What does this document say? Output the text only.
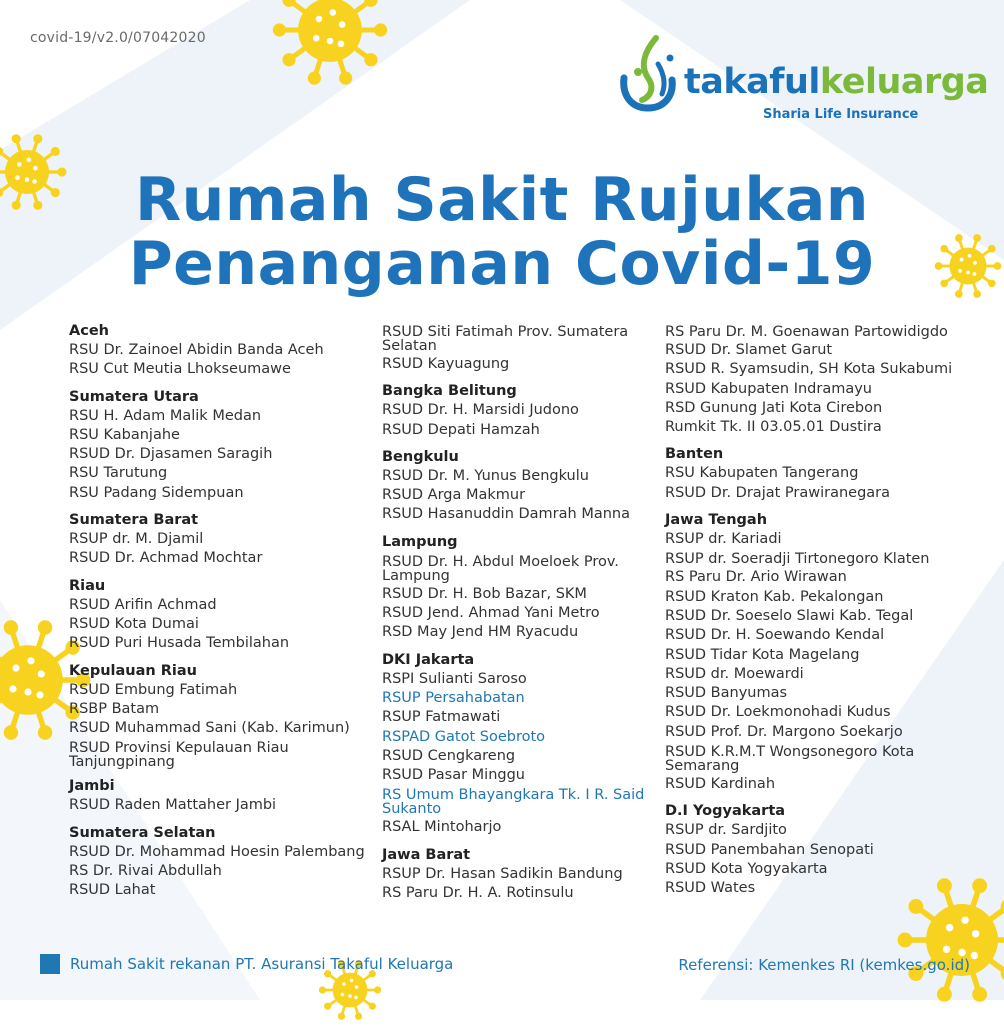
covid-19/v2.0/07042020
takafulkeluarga
Sharia Life Insurance
Rumah Sakit Rujukan
Penanganan Covid-19
Aceh
RSU Dr. Zainoel Abidin Banda Aceh
RSU Cut Meutia Lhokseumawe
Sumatera Utara
RSU H. Adam Malik Medan
RSU Kabanjahe
RSUD Dr. Djasamen Saragih
RSU Tarutung
RSU Padang Sidempuan
Sumatera Barat
RSUP dr. M. Djamil
RSUD Dr. Achmad Mochtar
Riau
RSUD Arifin Achmad
RSUD Kota Dumai
RSUD Puri Husada Tembilahan
Kepulauan Riau
RSUD Embung Fatimah
RSBP Batam
RSUD Muhammad Sani (Kab. Karimun)
RSUD Provinsi Kepulauan Riau Tanjungpinang
Jambi
RSUD Raden Mattaher Jambi
Sumatera Selatan
RSUD Dr. Mohammad Hoesin Palembang
RS Dr. Rivai Abdullah
RSUD Lahat
RSUD Siti Fatimah Prov. Sumatera Selatan
RSUD Kayuagung
Bangka Belitung
RSUD Dr. H. Marsidi Judono
RSUD Depati Hamzah
Bengkulu
RSUD Dr. M. Yunus Bengkulu
RSUD Arga Makmur
RSUD Hasanuddin Damrah Manna
Lampung
RSUD Dr. H. Abdul Moeloek Prov. Lampung
RSUD Dr. H. Bob Bazar, SKM
RSUD Jend. Ahmad Yani Metro
RSD May Jend HM Ryacudu
DKI Jakarta
RSPI Sulianti Saroso
RSUP Persahabatan
RSUP Fatmawati
RSPAD Gatot Soebroto
RSUD Cengkareng
RSUD Pasar Minggu
RS Umum Bhayangkara Tk. I R. Said Sukanto
RSAL Mintoharjo
Jawa Barat
RSUP Dr. Hasan Sadikin Bandung
RS Paru Dr. H. A. Rotinsulu
RS Paru Dr. M. Goenawan Partowidigdo
RSUD Dr. Slamet Garut
RSUD R. Syamsudin, SH Kota Sukabumi
RSUD Kabupaten Indramayu
RSD Gunung Jati Kota Cirebon
Rumkit Tk. II 03.05.01 Dustira
Banten
RSU Kabupaten Tangerang
RSUD Dr. Drajat Prawiranegara
Jawa Tengah
RSUP dr. Kariadi
RSUP dr. Soeradji Tirtonegoro Klaten
RS Paru Dr. Ario Wirawan
RSUD Kraton Kab. Pekalongan
RSUD Dr. Soeselo Slawi Kab. Tegal
RSUD Dr. H. Soewando Kendal
RSUD Tidar Kota Magelang
RSUD dr. Moewardi
RSUD Banyumas
RSUD Dr. Loekmonohadi Kudus
RSUD Prof. Dr. Margono Soekarjo
RSUD K.R.M.T Wongsonegoro Kota Semarang
RSUD Kardinah
D.I Yogyakarta
RSUP dr. Sardjito
RSUD Panembahan Senopati
RSUD Kota Yogyakarta
RSUD Wates
Rumah Sakit rekanan PT. Asuransi Takaful Keluarga	Referensi: Kemenkes RI (kemkes.go.id)
